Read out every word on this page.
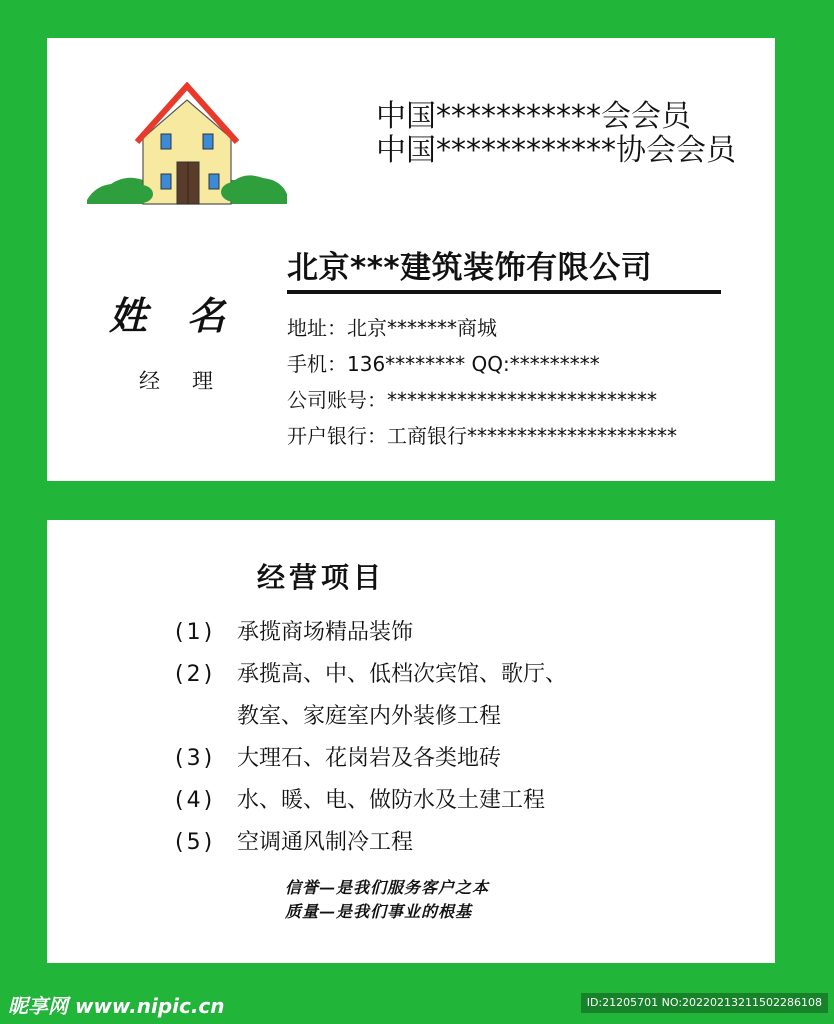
中国***********会会员
中国************协会会员
北京***建筑装饰有限公司
姓名
经理
地址：北京*******商城
手机：136******** QQ:*********
公司账号：***************************
开户银行：工商银行*********************
经营项目
(1) 承揽商场精品装饰
(2) 承揽高、中、低档次宾馆、歌厅、
教室、家庭室内外装修工程
(3) 大理石、花岗岩及各类地砖
(4) 水、暖、电、做防水及土建工程
(5) 空调通风制冷工程
信誉—是我们服务客户之本
质量—是我们事业的根基
昵享网 www.nipic.cn	ID:21205701 NO:20220213211502286108
